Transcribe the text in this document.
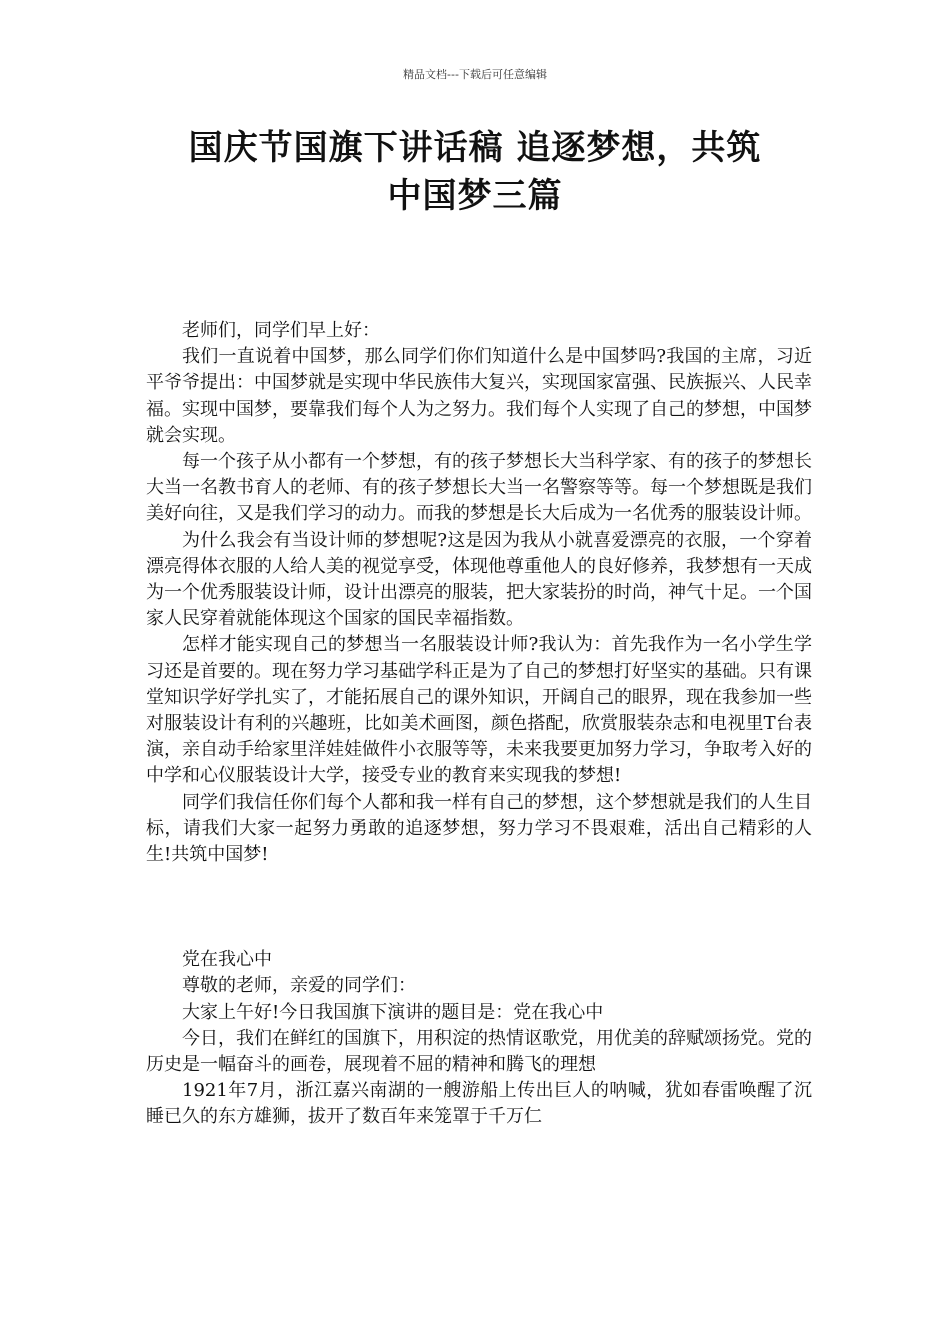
精品文档---下载后可任意编辑
国庆节国旗下讲话稿 追逐梦想，共筑
中国梦三篇

老师们，同学们早上好：

我们一直说着中国梦，那么同学们你们知道什么是中国梦吗?我国的主席，习近平爷爷提出：中国梦就是实现中华民族伟大复兴，实现国家富强、民族振兴、人民幸福。实现中国梦，要靠我们每个人为之努力。我们每个人实现了自己的梦想，中国梦就会实现。

每一个孩子从小都有一个梦想，有的孩子梦想长大当科学家、有的孩子的梦想长大当一名教书育人的老师、有的孩子梦想长大当一名警察等等。每一个梦想既是我们美好向往，又是我们学习的动力。而我的梦想是长大后成为一名优秀的服装设计师。

为什么我会有当设计师的梦想呢?这是因为我从小就喜爱漂亮的衣服，一个穿着漂亮得体衣服的人给人美的视觉享受，体现他尊重他人的良好修养，我梦想有一天成为一个优秀服装设计师，设计出漂亮的服装，把大家装扮的时尚，神气十足。一个国家人民穿着就能体现这个国家的国民幸福指数。

怎样才能实现自己的梦想当一名服装设计师?我认为：首先我作为一名小学生学习还是首要的。现在努力学习基础学科正是为了自己的梦想打好坚实的基础。只有课堂知识学好学扎实了，才能拓展自己的课外知识，开阔自己的眼界，现在我参加一些对服装设计有利的兴趣班，比如美术画图，颜色搭配，欣赏服装杂志和电视里T台表演，亲自动手给家里洋娃娃做件小衣服等等，未来我要更加努力学习，争取考入好的中学和心仪服装设计大学，接受专业的教育来实现我的梦想!

同学们我信任你们每个人都和我一样有自己的梦想，这个梦想就是我们的人生目标，请我们大家一起努力勇敢的追逐梦想，努力学习不畏艰难，活出自己精彩的人生!共筑中国梦!

党在我心中

尊敬的老师，亲爱的同学们：

大家上午好!今日我国旗下演讲的题目是：党在我心中

今日，我们在鲜红的国旗下，用积淀的热情讴歌党，用优美的辞赋颂扬党。党的历史是一幅奋斗的画卷，展现着不屈的精神和腾飞的理想

1921年7月，浙江嘉兴南湖的一艘游船上传出巨人的呐喊，犹如春雷唤醒了沉睡已久的东方雄狮，拔开了数百年来笼罩于千万仁
